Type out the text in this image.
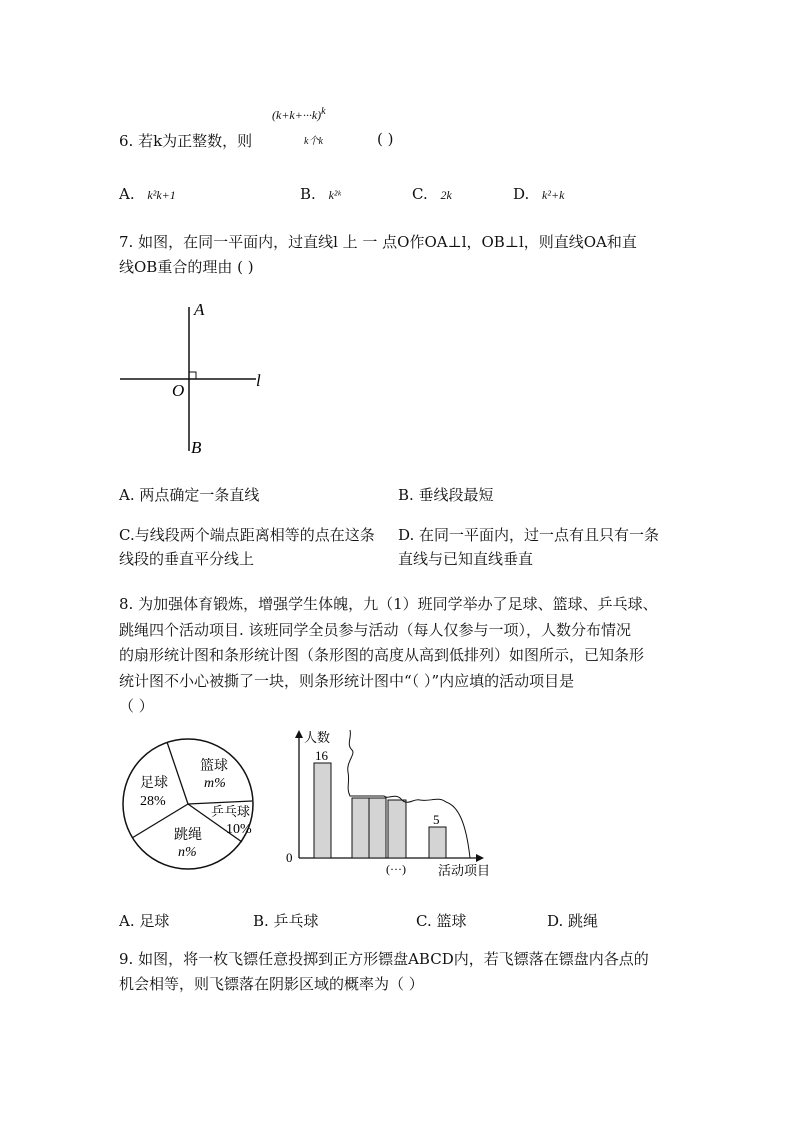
$(k+k+\cdot\cdot\cdot k)^k$
k个k
6. 若k为正整数，则	( )
A. k²k+1	B. k²ᵏ	C. 2k	D. k²+k
7. 如图，在同一平面内，过直线l 上 一 点O作OA⊥l，OB⊥l，则直线OA和直
线OB重合的理由 ( )
A
O
B
l
A. 两点确定一条直线	B. 垂线段最短
C.与线段两个端点距离相等的点在这条
线段的垂直平分线上
D. 在同一平面内，过一点有且只有一条
直线与已知直线垂直
8. 为加强体育锻炼，增强学生体魄，九（1）班同学举办了足球、篮球、乒乓球、
跳绳四个活动项目. 该班同学全员参与活动（每人仅参与一项），人数分布情况
的扇形统计图和条形统计图（条形图的高度从高到低排列）如图所示，已知条形
统计图不小心被撕了一块，则条形统计图中“（ ）”内应填的活动项目是
（ ）
篮球
m%
足球
28%
乒乓球
10%
跳绳
n%
人数
活动项目
0
16
5
(···)
A. 足球	B. 乒乓球	C. 篮球	D. 跳绳
9. 如图，将一枚飞镖任意投掷到正方形镖盘ABCD内，若飞镖落在镖盘内各点的
机会相等，则飞镖落在阴影区域的概率为（ ）
